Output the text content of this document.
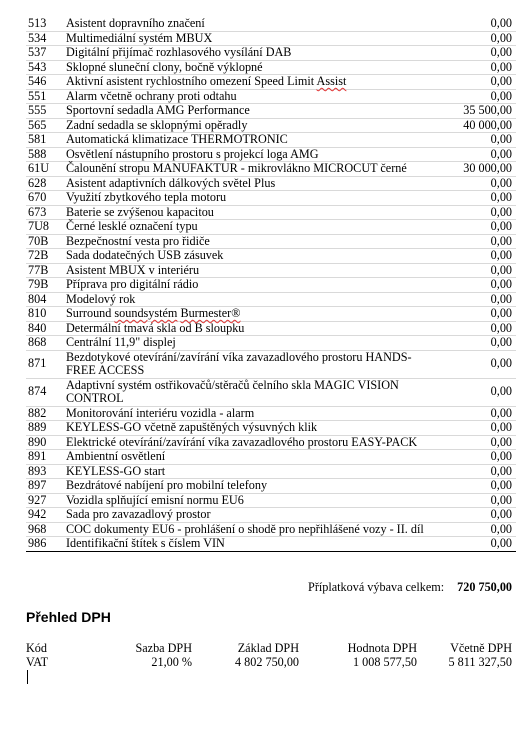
513	Asistent dopravního značení	0,00
534	Multimediální systém MBUX	0,00
537	Digitální přijímač rozhlasového vysílání DAB	0,00
543	Sklopné sluneční clony, bočně výklopné	0,00
546	Aktivní asistent rychlostního omezení Speed Limit Assist	0,00
551	Alarm včetně ochrany proti odtahu	0,00
555	Sportovní sedadla AMG Performance	35 500,00
565	Zadní sedadla se sklopnými opěradly	40 000,00
581	Automatická klimatizace THERMOTRONIC	0,00
588	Osvětlení nástupního prostoru s projekcí loga AMG	0,00
61U	Čalounění stropu MANUFAKTUR - mikrovlákno MICROCUT černé	30 000,00
628	Asistent adaptivních dálkových světel Plus	0,00
670	Využití zbytkového tepla motoru	0,00
673	Baterie se zvýšenou kapacitou	0,00
7U8	Černé lesklé označení typu	0,00
70B	Bezpečnostní vesta pro řidiče	0,00
72B	Sada dodatečných USB zásuvek	0,00
77B	Asistent MBUX v interiéru	0,00
79B	Příprava pro digitální rádio	0,00
804	Modelový rok	0,00
810	Surround soundsystém Burmester®	0,00
840	Determální tmavá skla od B sloupku	0,00
868	Centrální 11,9" displej	0,00
871	Bezdotykové otevírání/zavírání víka zavazadlového prostoru HANDS-FREE ACCESS	0,00
874	Adaptivní systém ostřikovačů/stěračů čelního skla MAGIC VISION CONTROL	0,00
882	Monitorování interiéru vozidla - alarm	0,00
889	KEYLESS-GO včetně zapuštěných výsuvných klik	0,00
890	Elektrické otevírání/zavírání víka zavazadlového prostoru EASY-PACK	0,00
891	Ambientní osvětlení	0,00
893	KEYLESS-GO start	0,00
897	Bezdrátové nabíjení pro mobilní telefony	0,00
927	Vozidla splňující emisní normu EU6	0,00
942	Sada pro zavazadlový prostor	0,00
968	COC dokumenty EU6 - prohlášení o shodě pro nepřihlášené vozy - II. díl	0,00
986	Identifikační štítek s číslem VIN	0,00
Příplatková výbava celkem: 720 750,00
Přehled DPH
Kód	Sazba DPH	Základ DPH	Hodnota DPH	Včetně DPH
VAT	21,00 %	4 802 750,00	1 008 577,50	5 811 327,50
